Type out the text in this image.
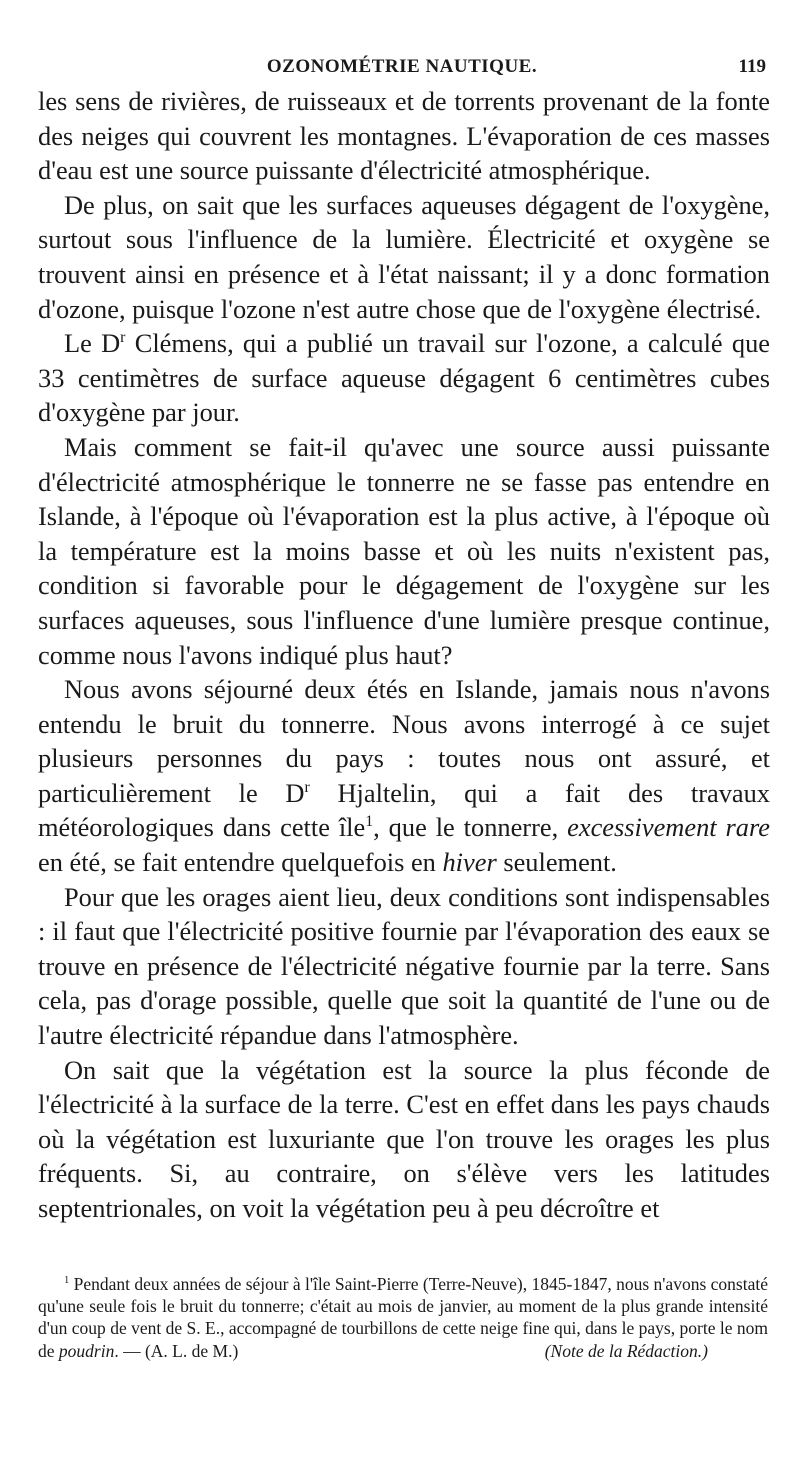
OZONOMÉTRIE NAUTIQUE.	119

les sens de rivières, de ruisseaux et de torrents provenant de la fonte des neiges qui couvrent les montagnes. L'évaporation de ces masses d'eau est une source puissante d'électricité atmosphérique.

De plus, on sait que les surfaces aqueuses dégagent de l'oxygène, surtout sous l'influence de la lumière. Électricité et oxygène se trouvent ainsi en présence et à l'état naissant; il y a donc formation d'ozone, puisque l'ozone n'est autre chose que de l'oxygène électrisé.

Le $D^r$ Clémens, qui a publié un travail sur l'ozone, a calculé que 33 centimètres de surface aqueuse dégagent 6 centimètres cubes d'oxygène par jour.

Mais comment se fait-il qu'avec une source aussi puissante d'électricité atmosphérique le tonnerre ne se fasse pas entendre en Islande, à l'époque où l'évaporation est la plus active, à l'époque où la température est la moins basse et où les nuits n'existent pas, condition si favorable pour le dégagement de l'oxygène sur les surfaces aqueuses, sous l'influence d'une lumière presque continue, comme nous l'avons indiqué plus haut?

Nous avons séjourné deux étés en Islande, jamais nous n'avons entendu le bruit du tonnerre. Nous avons interrogé à ce sujet plusieurs personnes du pays : toutes nous ont assuré, et particulièrement le $D^r$ Hjaltelin, qui a fait des travaux météorologiques dans cette île$^1$, que le tonnerre, excessivement rare en été, se fait entendre quelquefois en hiver seulement.

Pour que les orages aient lieu, deux conditions sont indispensables : il faut que l'électricité positive fournie par l'évaporation des eaux se trouve en présence de l'électricité négative fournie par la terre. Sans cela, pas d'orage possible, quelle que soit la quantité de l'une ou de l'autre électricité répandue dans l'atmosphère.

On sait que la végétation est la source la plus féconde de l'électricité à la surface de la terre. C'est en effet dans les pays chauds où la végétation est luxuriante que l'on trouve les orages les plus fréquents. Si, au contraire, on s'élève vers les latitudes septentrionales, on voit la végétation peu à peu décroître et

$^1$ Pendant deux années de séjour à l'île Saint-Pierre (Terre-Neuve), 1845-1847, nous n'avons constaté qu'une seule fois le bruit du tonnerre; c'était au mois de janvier, au moment de la plus grande intensité d'un coup de vent de S. E., accompagné de tourbillons de cette neige fine qui, dans le pays, porte le nom de poudrin. — (A. L. de M.)	(Note de la Rédaction.)
